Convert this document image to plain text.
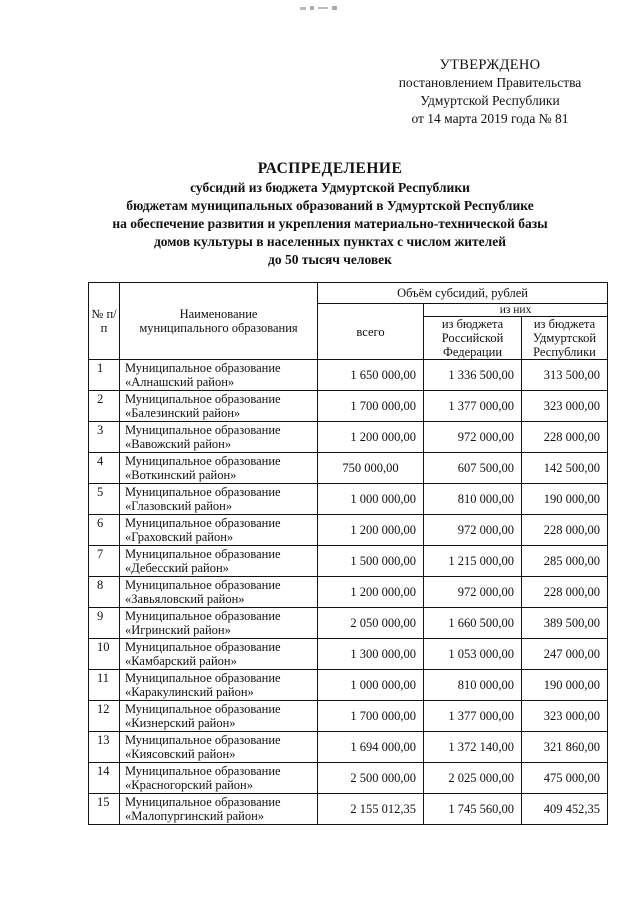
УТВЕРЖДЕНО
постановлением Правительства
Удмуртской Республики
от 14 марта 2019 года № 81
РАСПРЕДЕЛЕНИЕ
субсидий из бюджета Удмуртской Республики
бюджетам муниципальных образований в Удмуртской Республике
на обеспечение развития и укрепления материально-технической базы
домов культуры в населенных пунктах с числом жителей
до 50 тысяч человек
№ п/п	Наименование муниципального образования	Объём субсидий, рублей		
		всего	из них	
			из бюджета Российской Федерации	из бюджета Удмуртской Республики
1	Муниципальное образование
«Алнашский район»	1 650 000,00	1 336 500,00	313 500,00
2	Муниципальное образование
«Балезинский район»	1 700 000,00	1 377 000,00	323 000,00
3	Муниципальное образование
«Вавожский район»	1 200 000,00	972 000,00	228 000,00
4	Муниципальное образование
«Воткинский район»	750 000,00	607 500,00	142 500,00
5	Муниципальное образование
«Глазовский район»	1 000 000,00	810 000,00	190 000,00
6	Муниципальное образование
«Граховский район»	1 200 000,00	972 000,00	228 000,00
7	Муниципальное образование
«Дебесский район»	1 500 000,00	1 215 000,00	285 000,00
8	Муниципальное образование
«Завьяловский район»	1 200 000,00	972 000,00	228 000,00
9	Муниципальное образование
«Игринский район»	2 050 000,00	1 660 500,00	389 500,00
10	Муниципальное образование
«Камбарский район»	1 300 000,00	1 053 000,00	247 000,00
11	Муниципальное образование
«Каракулинский район»	1 000 000,00	810 000,00	190 000,00
12	Муниципальное образование
«Кизнерский район»	1 700 000,00	1 377 000,00	323 000,00
13	Муниципальное образование
«Киясовский район»	1 694 000,00	1 372 140,00	321 860,00
14	Муниципальное образование
«Красногорский район»	2 500 000,00	2 025 000,00	475 000,00
15	Муниципальное образование
«Малопургинский район»	2 155 012,35	1 745 560,00	409 452,35
